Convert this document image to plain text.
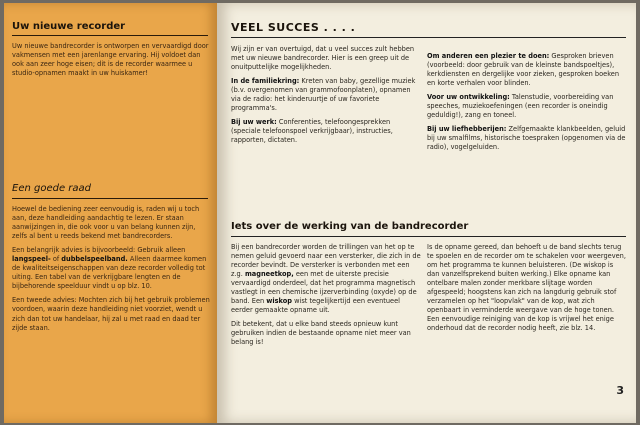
Uw nieuwe recorder

Uw nieuwe bandrecorder is ontworpen en vervaardigd door vakmensen met een jarenlange ervaring. Hij voldoet dan ook aan zeer hoge eisen; dit is de recorder waarmee u studio-opnamen maakt in uw huiskamer!

Een goede raad
Hoewel de bediening zeer eenvoudig is, raden wij u toch aan, deze handleiding aandachtig te lezen. Er staan aanwijzingen in, die ook voor u van belang kunnen zijn, zelfs al bent u reeds bekend met bandrecorders.
Een belangrijk advies is bijvoorbeeld: Gebruik alleen langspeel- of dubbelspeelband. Alleen daarmee komen de kwaliteitseigenschappen van deze recorder volledig tot uiting. Een tabel van de verkrijgbare lengten en de bijbehorende speelduur vindt u op blz. 10.
Een tweede advies: Mochten zich bij het gebruik problemen voordoen, waarin deze handleiding niet voorziet, wendt u zich dan tot uw handelaar, hij zal u met raad en daad ter zijde staan.
VEEL SUCCES . . . .
Wij zijn er van overtuigd, dat u veel succes zult hebben met uw nieuwe bandrecorder. Hier is een greep uit de onuitputtelijke mogelijkheden.
In de familiekring: Kreten van baby, gezellige muziek (b.v. overgenomen van grammofoonplaten), opnamen via de radio: het kinderuurtje of uw favoriete programma's.
Bij uw werk: Conferenties, telefoongesprekken (speciale telefoonspoel verkrijgbaar), instructies, rapporten, dictaten.
Om anderen een plezier te doen: Gesproken brieven (voorbeeld: door gebruik van de kleinste bandspoeltjes), kerkdiensten en dergelijke voor zieken, gesproken boeken en korte verhalen voor blinden.
Voor uw ontwikkeling: Talenstudie, voorbereiding van speeches, muziekoefeningen (een recorder is oneindig geduldig!), zang en toneel.
Bij uw liefhebberijen: Zelfgemaakte klankbeelden, geluid bij uw smalfilms, historische toespraken (opgenomen via de radio), vogelgeluiden.
Iets over de werking van de bandrecorder
Bij een bandrecorder worden de trillingen van het op te nemen geluid gevoerd naar een versterker, die zich in de recorder bevindt. De versterker is verbonden met een z.g. magneetkop, een met de uiterste precisie vervaardigd onderdeel, dat het programma magnetisch vastlegt in een chemische ijzerverbinding (oxyde) op de band. Een wiskop wist tegelijkertijd een eventueel eerder gemaakte opname uit.
Dit betekent, dat u elke band steeds opnieuw kunt gebruiken indien de bestaande opname niet meer van belang is!

Is de opname gereed, dan behoeft u de band slechts terug te spoelen en de recorder om te schakelen voor weergeven, om het programma te kunnen beluisteren. (De wiskop is dan vanzelfsprekend buiten werking.) Elke opname kan ontelbare malen zonder merkbare slijtage worden afgespeeld; hoogstens kan zich na langdurig gebruik stof verzamelen op het "loopvlak" van de kop, wat zich openbaart in verminderde weergave van de hoge tonen. Een eenvoudige reiniging van de kop is vrijwel het enige onderhoud dat de recorder nodig heeft, zie blz. 14.

3
